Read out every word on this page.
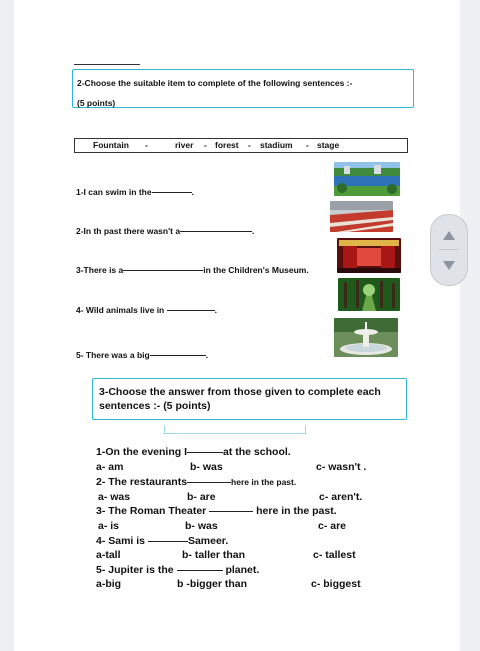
2-Choose the suitable item to complete of the following sentences :-
(5 points)
Fountain -	river - forest - stadium - stage
1-I can swim in the	.
2-In th past there wasn't a	.
3-There is a	in the Children's Museum.
4- Wild animals live in	.
5- There was a big	.
3-Choose the answer from those given to complete each
sentences :- (5 points)
1-On the evening I	at the school.
a- am	b- was	c- wasn't .
2- The restaurants	here in the past.
a- was	b- are	c- aren't.
3- The Roman Theater	here in the past.
a- is	b- was	c- are
4- Sami is	Sameer.
a-tall	b- taller than	c- tallest
5- Jupiter is the	planet.
a-big	b -bigger than	c- biggest
